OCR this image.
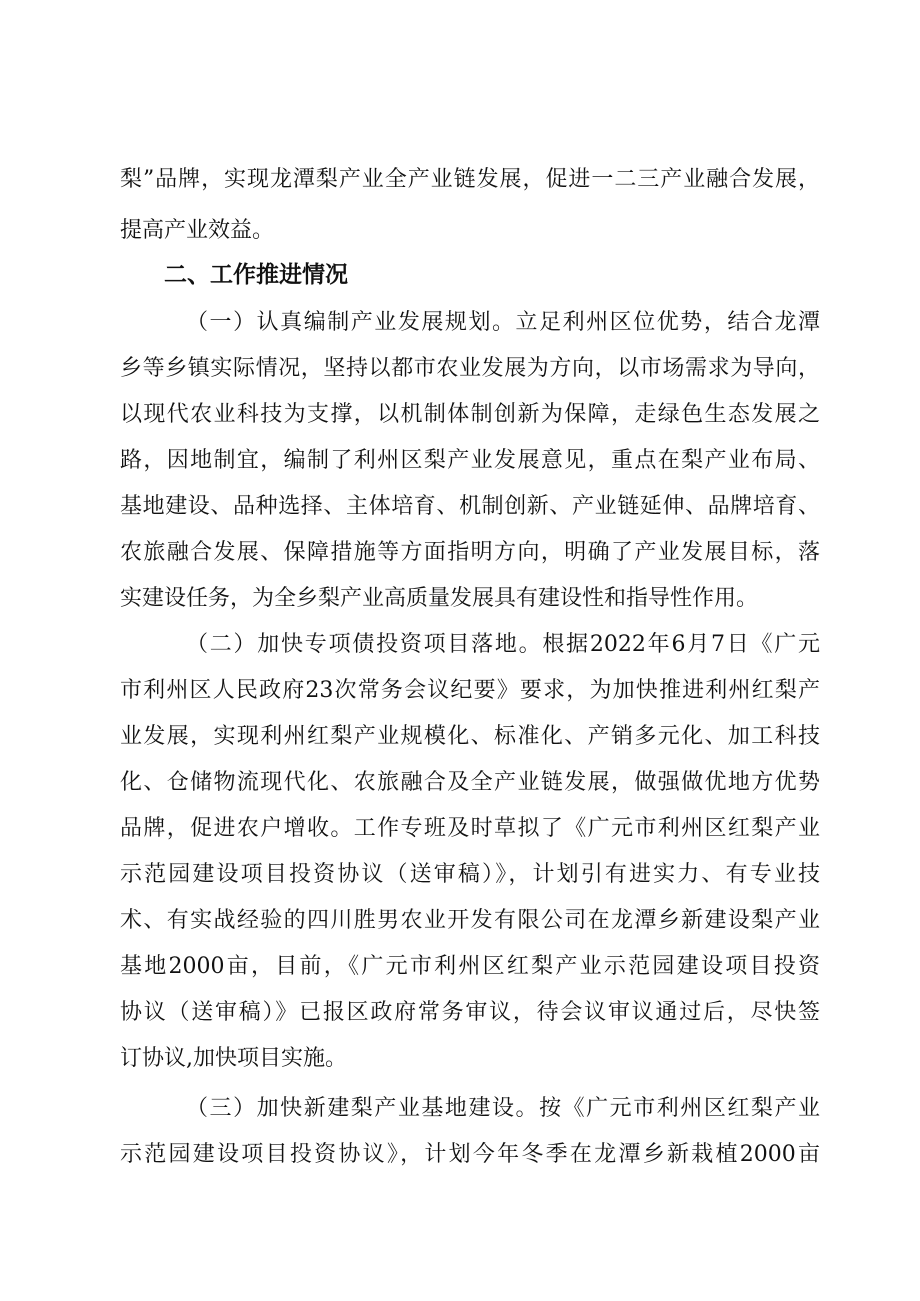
梨”品牌，实现龙潭梨产业全产业链发展，促进一二三产业融合发展，
提高产业效益。
二、工作推进情况
（一）认真编制产业发展规划。立足利州区位优势，结合龙潭
乡等乡镇实际情况，坚持以都市农业发展为方向，以市场需求为导向，
以现代农业科技为支撑，以机制体制创新为保障，走绿色生态发展之
路，因地制宜，编制了利州区梨产业发展意见，重点在梨产业布局、
基地建设、品种选择、主体培育、机制创新、产业链延伸、品牌培育、
农旅融合发展、保障措施等方面指明方向，明确了产业发展目标，落
实建设任务，为全乡梨产业高质量发展具有建设性和指导性作用。
（二）加快专项债投资项目落地。根据2022年6月7日《广元
市利州区人民政府23次常务会议纪要》要求，为加快推进利州红梨产
业发展，实现利州红梨产业规模化、标准化、产销多元化、加工科技
化、仓储物流现代化、农旅融合及全产业链发展，做强做优地方优势
品牌，促进农户增收。工作专班及时草拟了《广元市利州区红梨产业
示范园建设项目投资协议（送审稿）》，计划引有进实力、有专业技
术、有实战经验的四川胜男农业开发有限公司在龙潭乡新建设梨产业
基地2000亩，目前，《广元市利州区红梨产业示范园建设项目投资
协议（送审稿）》已报区政府常务审议，待会议审议通过后，尽快签
订协议,加快项目实施。
（三）加快新建梨产业基地建设。按《广元市利州区红梨产业
示范园建设项目投资协议》，计划今年冬季在龙潭乡新栽植2000亩
